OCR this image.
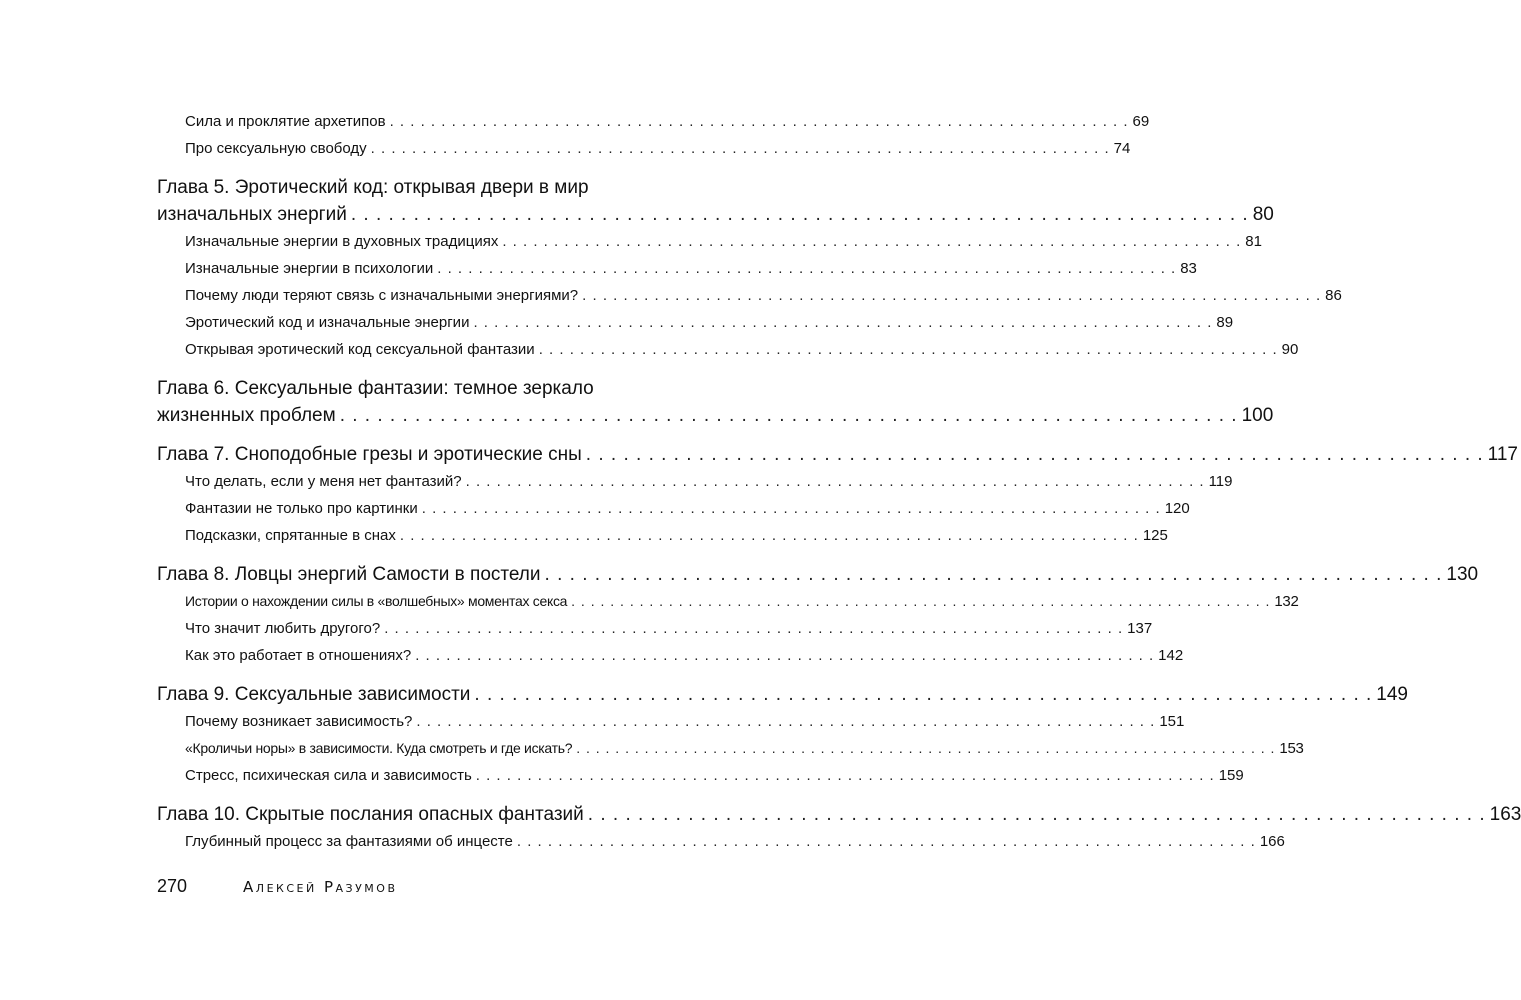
Сила и проклятие архетипов . . .	69
Про сексуальную свободу . . .	74
Глава 5. Эротический код: открывая двери в мир
изначальных энергий . . .	80
Изначальные энергии в духовных традициях . . .	81
Изначальные энергии в психологии . . .	83
Почему люди теряют связь с изначальными энергиями? . . .	86
Эротический код и изначальные энергии . . .	89
Открывая эротический код сексуальной фантазии . . .	90
Глава 6. Сексуальные фантазии: темное зеркало
жизненных проблем . . .	100
Глава 7. Сноподобные грезы и эротические сны . . .	117
Что делать, если у меня нет фантазий? . . .	119
Фантазии не только про картинки . . .	120
Подсказки, спрятанные в снах . . .	125
Глава 8. Ловцы энергий Самости в постели . . .	130
Истории о нахождении силы в «волшебных» моментах секса . . .	132
Что значит любить другого? . . .	137
Как это работает в отношениях? . . .	142
Глава 9. Сексуальные зависимости . . .	149
Почему возникает зависимость? . . .	151
«Кроличьи норы» в зависимости. Куда смотреть и где искать? . . .	153
Стресс, психическая сила и зависимость . . .	159
Глава 10. Скрытые послания опасных фантазий . . .	163
Глубинный процесс за фантазиями об инцесте . . .	166
270	Алексей Разумов
